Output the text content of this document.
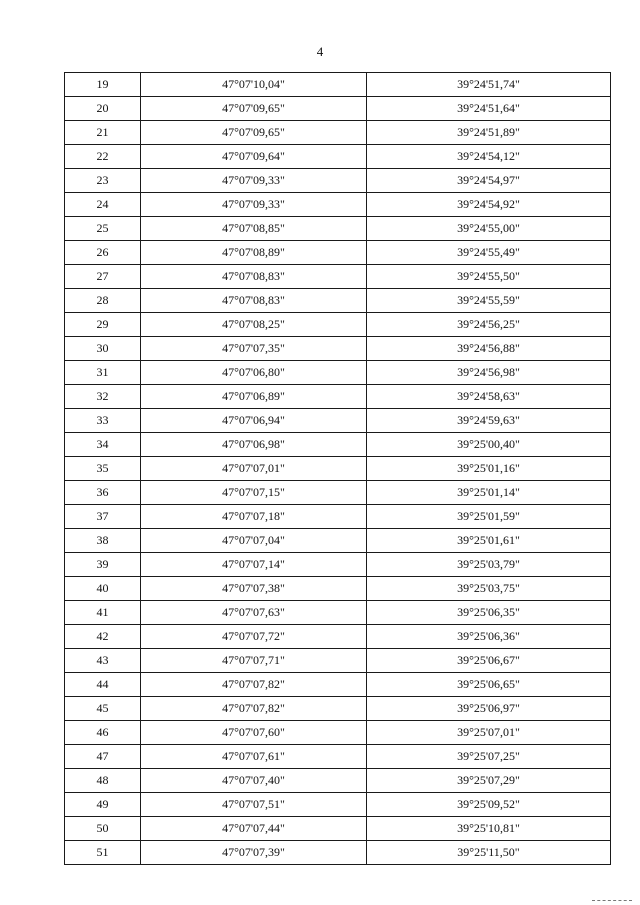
4
19	47°07'10,04"	39°24'51,74"
20	47°07'09,65"	39°24'51,64"
21	47°07'09,65"	39°24'51,89"
22	47°07'09,64"	39°24'54,12"
23	47°07'09,33"	39°24'54,97"
24	47°07'09,33"	39°24'54,92"
25	47°07'08,85"	39°24'55,00"
26	47°07'08,89"	39°24'55,49"
27	47°07'08,83"	39°24'55,50"
28	47°07'08,83"	39°24'55,59"
29	47°07'08,25"	39°24'56,25"
30	47°07'07,35"	39°24'56,88"
31	47°07'06,80"	39°24'56,98"
32	47°07'06,89"	39°24'58,63"
33	47°07'06,94"	39°24'59,63"
34	47°07'06,98"	39°25'00,40"
35	47°07'07,01"	39°25'01,16"
36	47°07'07,15"	39°25'01,14"
37	47°07'07,18"	39°25'01,59"
38	47°07'07,04"	39°25'01,61"
39	47°07'07,14"	39°25'03,79"
40	47°07'07,38"	39°25'03,75"
41	47°07'07,63"	39°25'06,35"
42	47°07'07,72"	39°25'06,36"
43	47°07'07,71"	39°25'06,67"
44	47°07'07,82"	39°25'06,65"
45	47°07'07,82"	39°25'06,97"
46	47°07'07,60"	39°25'07,01"
47	47°07'07,61"	39°25'07,25"
48	47°07'07,40"	39°25'07,29"
49	47°07'07,51"	39°25'09,52"
50	47°07'07,44"	39°25'10,81"
51	47°07'07,39"	39°25'11,50"
